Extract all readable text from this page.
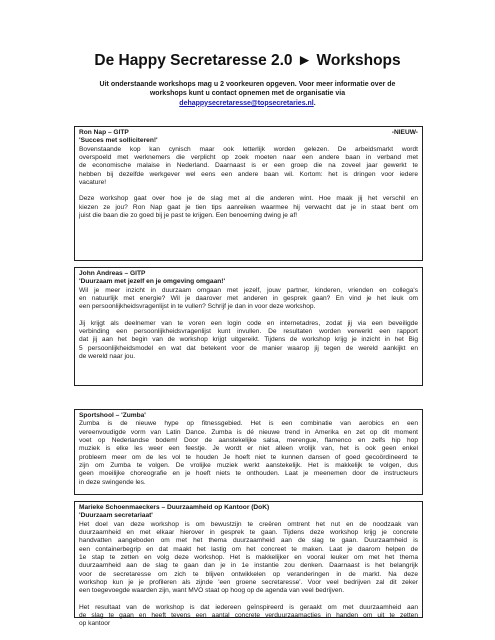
De Happy Secretaresse 2.0 ► Workshops
Uit onderstaande workshops mag u 2 voorkeuren opgeven. Voor meer informatie over de
workshops kunt u contact opnemen met de organisatie via
dehappysecretaresse@topsecretaries.nl.
Ron Nap – GITP	-NIEUW-
'Succes met solliciteren!'

Bovenstaande kop kan cynisch maar ook letterlijk worden gelezen. De arbeidsmarkt wordt
overspoeld met werknemers die verplicht op zoek moeten naar een andere baan in verband met
de economische malaise in Nederland. Daarnaast is er een groep die na zoveel jaar gewerkt te
hebben bij dezelfde werkgever wel eens een andere baan wil. Kortom: het is dringen voor iedere
vacature!

Deze workshop gaat over hoe je de slag met al die anderen wint. Hoe maak jij het verschil en
kiezen ze jou? Ron Nap gaat je tien tips aanreiken waarmee hij verwacht dat je in staat bent om
juist die baan die zo goed bij je past te krijgen. Een benoeming dwing je af!

John Andreas – GITP
'Duurzaam met jezelf en je omgeving omgaan!'

Wil je meer inzicht in duurzaam omgaan met jezelf, jouw partner, kinderen, vrienden en collega's
en natuurlijk met energie? Wil je daarover met anderen in gesprek gaan? En vind je het leuk om
een persoonlijkheidsvragenlijst in te vullen? Schrijf je dan in voor deze workshop.

Jij krijgt als deelnemer van te voren een login code en internetadres, zodat jij via een beveiligde
verbinding een persoonlijkheidsvragenlijst kunt invullen. De resultaten worden verwerkt een rapport
dat jij aan het begin van de workshop krijgt uitgereikt. Tijdens de workshop krijg je inzicht in het Big
5 persoonlijkheidsmodel en wat dat betekent voor de manier waarop jij tegen de wereld aankijkt en
de wereld naar jou.

Sportshool – 'Zumba'

Zumba is de nieuwe hype op fitnessgebied. Het is een combinatie van aerobics en een
vereenvoudigde vorm van Latin Dance. Zumba is dé nieuwe trend in Amerika en zet op dit moment
voet op Nederlandse bodem! Door de aanstekelijke salsa, merengue, flamenco en zelfs hip hop
muziek is elke les weer een feestje. Je wordt er niet alleen vrolijk van, het is ook geen enkel
probleem meer om de les vol te houden Je hoeft niet te kunnen dansen of goed gecoördineerd te
zijn om Zumba te volgen. De vrolijke muziek werkt aanstekelijk. Het is makkelijk te volgen, dus
geen moeilijke choreografie en je hoeft niets te onthouden. Laat je meenemen door de instructeurs
in deze swingende les.

Marieke Schoenmaeckers – Duurzaamheid op Kantoor (DoK)
'Duurzaam secretariaat'

Het doel van deze workshop is om bewustzijn te creëren omtrent het nut en de noodzaak van
duurzaamheid en met elkaar hierover in gesprek te gaan. Tijdens deze workshop krijg je concrete
handvatten aangeboden om met het thema duurzaamheid aan de slag te gaan. Duurzaamheid is
een containerbegrip en dat maakt het lastig om het concreet te maken. Laat je daarom helpen de
1e stap te zetten en volg deze workshop. Het is makkelijker en vooral leuker om met het thema
duurzaamheid aan de slag te gaan dan je in 1e instantie zou denken. Daarnaast is het belangrijk
voor de secretaresse om zich te blijven ontwikkelen op veranderingen in de markt. Na deze
workshop kun je je profileren als zijnde 'een groene secretaresse'. Voor veel bedrijven zal dit zeker
een toegevoegde waarden zijn, want MVO staat op hoog op de agenda van veel bedrijven.

Het resultaat van de workshop is dat iedereen geïnspireerd is geraakt om met duurzaamheid aan
de slag te gaan en heeft tevens een aantal concrete verduurzaamacties in handen om uit te zetten
op kantoor
